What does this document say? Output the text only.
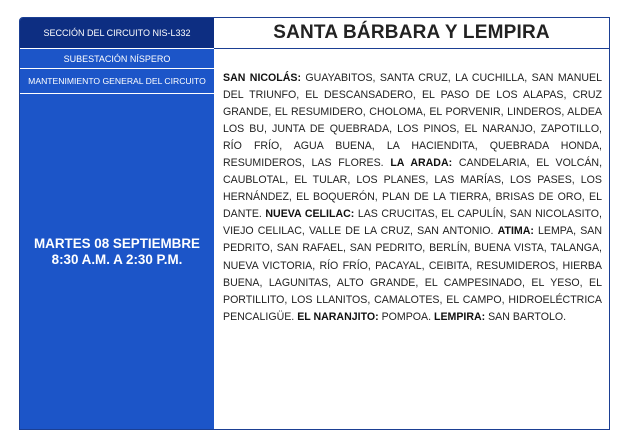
SECCIÓN DEL CIRCUITO NIS-L332
SUBESTACIÓN NÍSPERO
MANTENIMIENTO GENERAL DEL CIRCUITO
MARTES 08 SEPTIEMBRE
8:30 A.M. A 2:30 P.M.
SANTA BÁRBARA Y LEMPIRA
SAN NICOLÁS: GUAYABITOS, SANTA CRUZ, LA CUCHILLA, SAN MANUEL DEL TRIUNFO, EL DESCANSADERO, EL PASO DE LOS ALAPAS, CRUZ GRANDE, EL RESUMIDERO, CHOLOMA, EL PORVENIR, LINDEROS, ALDEA LOS BU, JUNTA DE QUEBRADA, LOS PINOS, EL NARANJO, ZAPOTILLO, RÍO FRÍO, AGUA BUENA, LA HACIENDITA, QUEBRADA HONDA, RESUMIDEROS, LAS FLORES. LA ARADA: CANDELARIA, EL VOLCÁN, CAUBLOTAL, EL TULAR, LOS PLANES, LAS MARÍAS, LOS PASES, LOS HERNÁNDEZ, EL BOQUERÓN, PLAN DE LA TIERRA, BRISAS DE ORO, EL DANTE. NUEVA CELILAC: LAS CRUCITAS, EL CAPULÍN, SAN NICOLASITO, VIEJO CELILAC, VALLE DE LA CRUZ, SAN ANTONIO. ATIMA: LEMPA, SAN PEDRITO, SAN RAFAEL, SAN PEDRITO, BERLÍN, BUENA VISTA, TALANGA, NUEVA VICTORIA, RÍO FRÍO, PACAYAL, CEIBITA, RESUMIDEROS, HIERBA BUENA, LAGUNITAS, ALTO GRANDE, EL CAMPESINADO, EL YESO, EL PORTILLITO, LOS LLANITOS, CAMALOTES, EL CAMPO, HIDROELÉCTRICA PENCALIGÜE. EL NARANJITO: POMPOA. LEMPIRA: SAN BARTOLO.
